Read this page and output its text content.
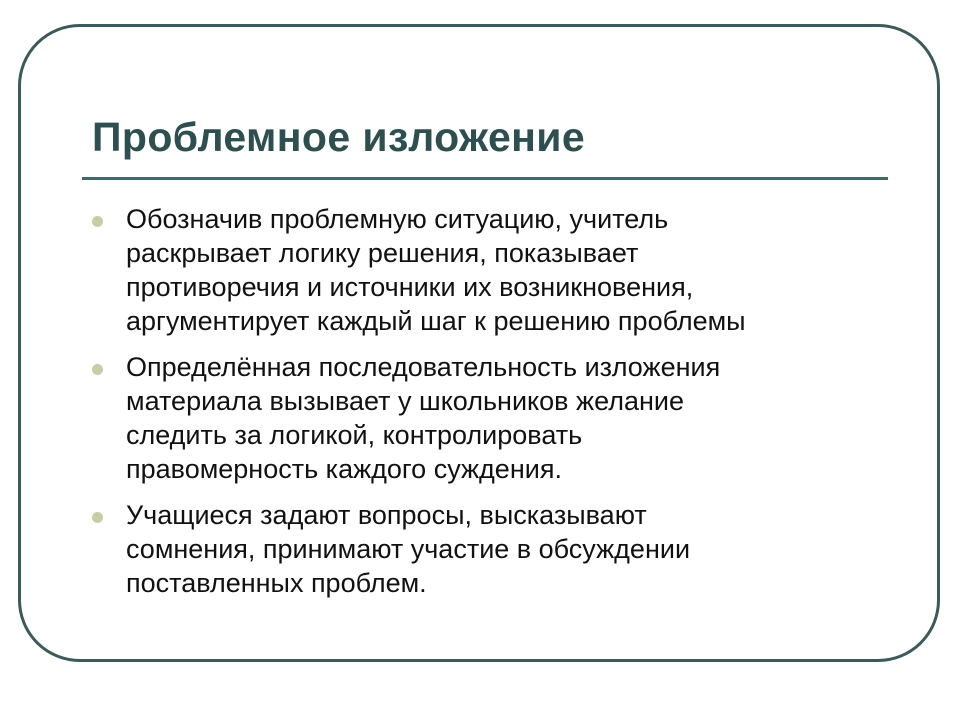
Проблемное изложение
Обозначив проблемную ситуацию, учитель
раскрывает логику решения, показывает
противоречия и источники их возникновения,
аргументирует каждый шаг к решению проблемы
Определённая последовательность изложения
материала вызывает у школьников желание
следить за логикой, контролировать
правомерность каждого суждения.
Учащиеся задают вопросы, высказывают
сомнения, принимают участие в обсуждении
поставленных проблем.
